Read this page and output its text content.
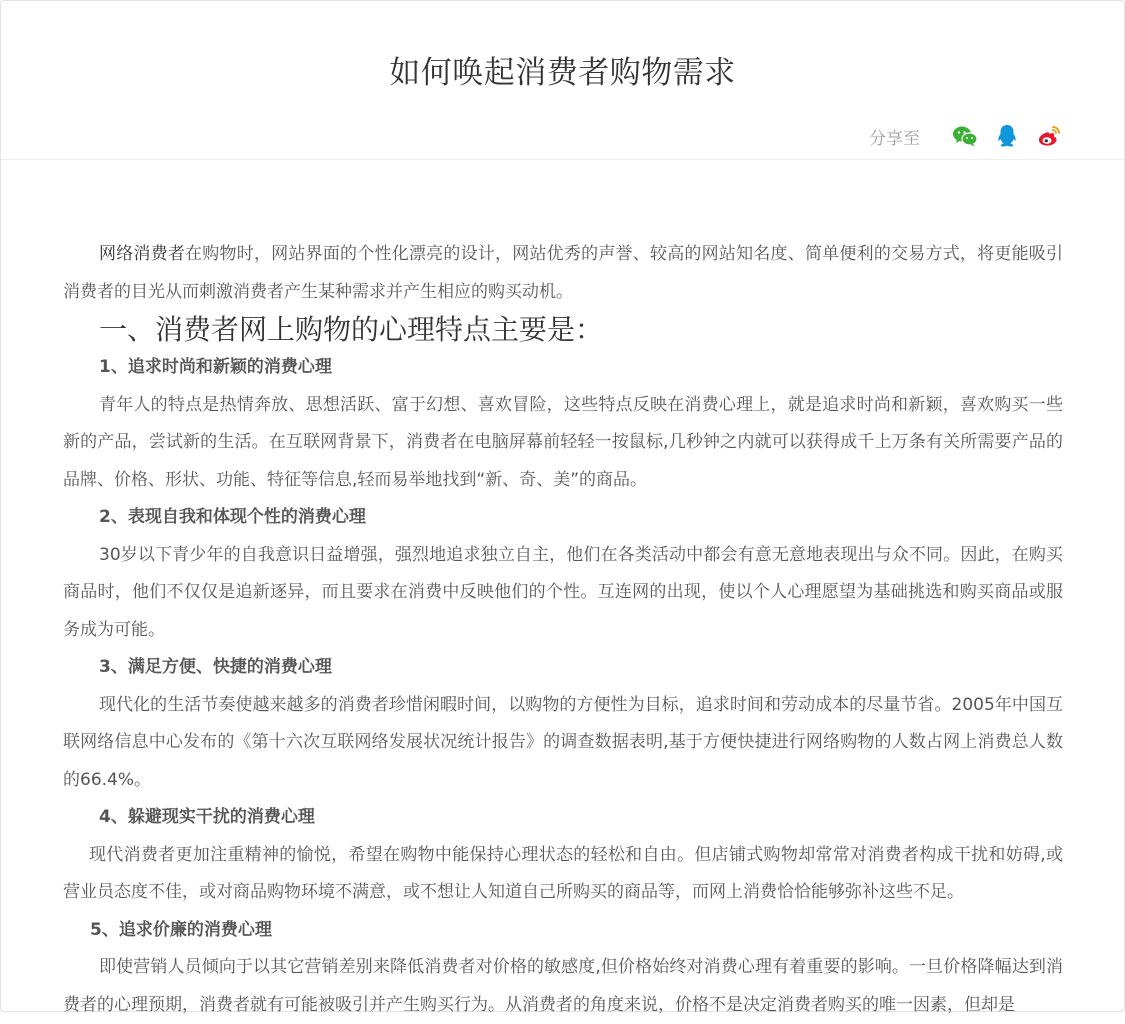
如何唤起消费者购物需求
分享至

网络消费者在购物时，网站界面的个性化漂亮的设计，网站优秀的声誉、较高的网站知名度、简单便利的交易方式，将更能吸引消费者的目光从而刺激消费者产生某种需求并产生相应的购买动机。

一、消费者网上购物的心理特点主要是：
1、追求时尚和新颖的消费心理

青年人的特点是热情奔放、思想活跃、富于幻想、喜欢冒险，这些特点反映在消费心理上，就是追求时尚和新颖，喜欢购买一些新的产品，尝试新的生活。在互联网背景下，消费者在电脑屏幕前轻轻一按鼠标,几秒钟之内就可以获得成千上万条有关所需要产品的品牌、价格、形状、功能、特征等信息,轻而易举地找到“新、奇、美”的商品。

2、表现自我和体现个性的消费心理

30岁以下青少年的自我意识日益增强，强烈地追求独立自主，他们在各类活动中都会有意无意地表现出与众不同。因此，在购买商品时，他们不仅仅是追新逐异，而且要求在消费中反映他们的个性。互连网的出现，使以个人心理愿望为基础挑选和购买商品或服务成为可能。

3、满足方便、快捷的消费心理

现代化的生活节奏使越来越多的消费者珍惜闲暇时间，以购物的方便性为目标，追求时间和劳动成本的尽量节省。2005年中国互联网络信息中心发布的《第十六次互联网络发展状况统计报告》的调查数据表明,基于方便快捷进行网络购物的人数占网上消费总人数的66.4%。

4、躲避现实干扰的消费心理

现代消费者更加注重精神的愉悦，希望在购物中能保持心理状态的轻松和自由。但店铺式购物却常常对消费者构成干扰和妨碍,或营业员态度不佳，或对商品购物环境不满意，或不想让人知道自己所购买的商品等，而网上消费恰恰能够弥补这些不足。

5、追求价廉的消费心理

即使营销人员倾向于以其它营销差别来降低消费者对价格的敏感度,但价格始终对消费心理有着重要的影响。一旦价格降幅达到消费者的心理预期，消费者就有可能被吸引并产生购买行为。从消费者的角度来说，价格不是决定消费者购买的唯一因素，但却是
